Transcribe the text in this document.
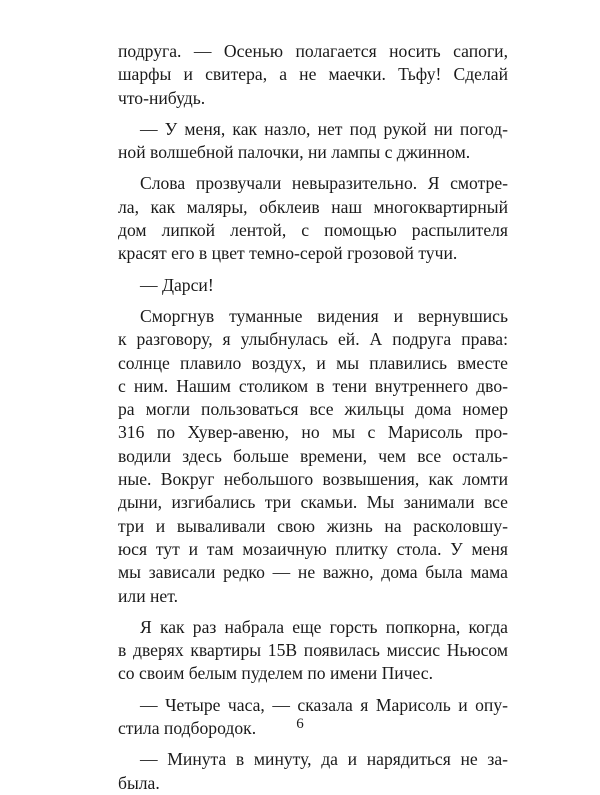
подруга. — Осенью полагается носить сапоги,
шарфы и свитера, а не маечки. Тьфу! Сделай
что-нибудь.
— У меня, как назло, нет под рукой ни погод-
ной волшебной палочки, ни лампы с джинном.
Слова прозвучали невыразительно. Я смотре-
ла, как маляры, обклеив наш многоквартирный
дом липкой лентой, с помощью распылителя
красят его в цвет темно-серой грозовой тучи.
— Дарси!
Сморгнув туманные видения и вернувшись
к разговору, я улыбнулась ей. А подруга права:
солнце плавило воздух, и мы плавились вместе
с ним. Нашим столиком в тени внутреннего дво-
ра могли пользоваться все жильцы дома номер
316 по Хувер-авеню, но мы с Марисоль про-
водили здесь больше времени, чем все осталь-
ные. Вокруг небольшого возвышения, как ломти
дыни, изгибались три скамьи. Мы занимали все
три и вываливали свою жизнь на расколовшу-
юся тут и там мозаичную плитку стола. У меня
мы зависали редко — не важно, дома была мама
или нет.
Я как раз набрала еще горсть попкорна, когда
в дверях квартиры 15B появилась миссис Ньюсом
со своим белым пуделем по имени Пичес.
— Четыре часа, — сказала я Марисоль и опу-
стила подбородок.
— Минута в минуту, да и нарядиться не за-
была.
6
